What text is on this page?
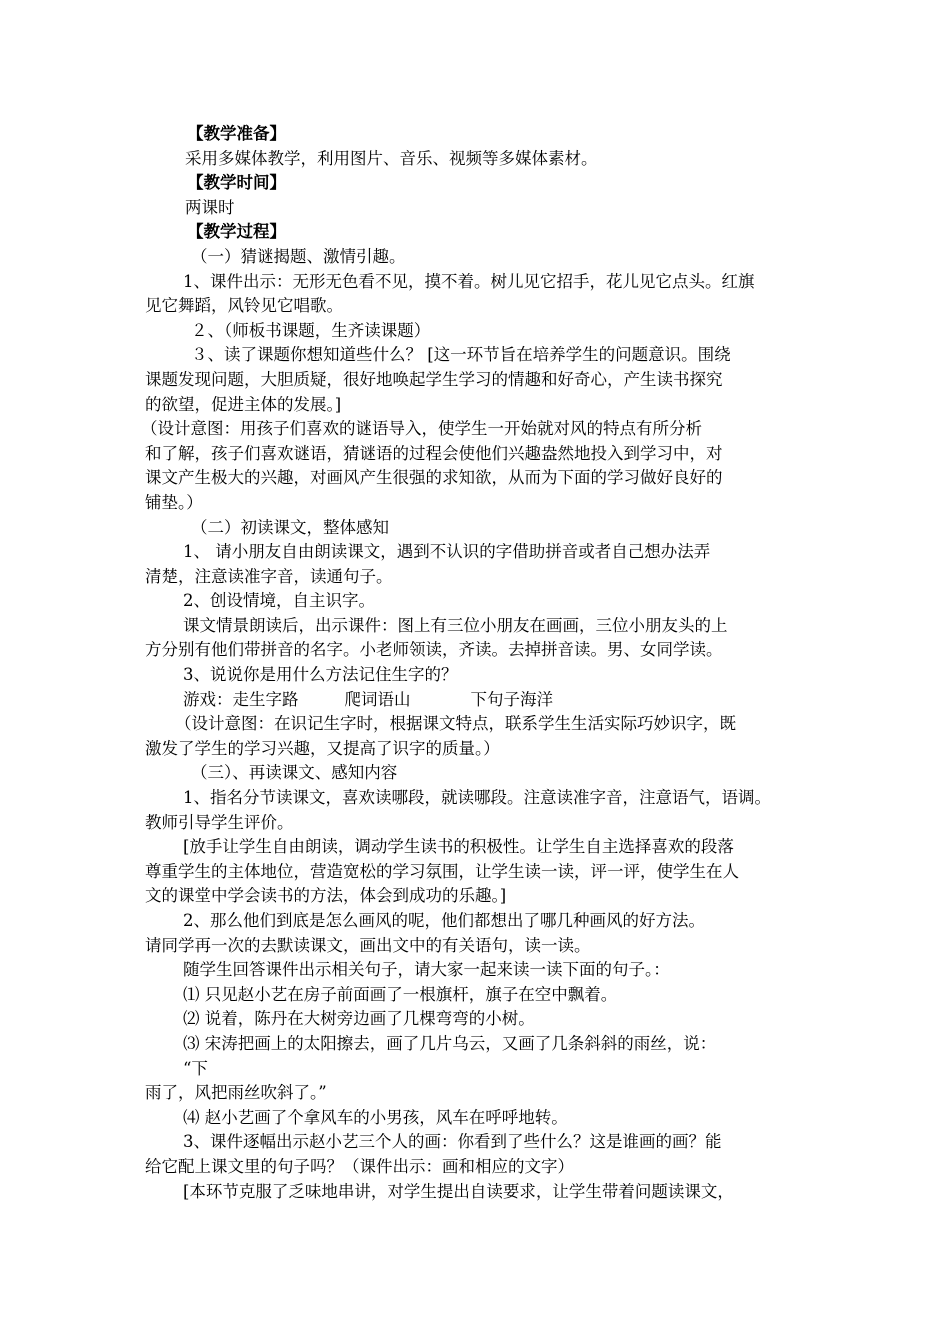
【教学准备】
采用多媒体教学，利用图片、音乐、视频等多媒体素材。
【教学时间】
两课时
【教学过程】
（一）猜谜揭题、激情引趣。
1、课件出示：无形无色看不见，摸不着。树儿见它招手，花儿见它点头。红旗
见它舞蹈，风铃见它唱歌。
２、（师板书课题，生齐读课题）
３、读了课题你想知道些什么？ [这一环节旨在培养学生的问题意识。围绕
课题发现问题，大胆质疑，很好地唤起学生学习的情趣和好奇心，产生读书探究
的欲望，促进主体的发展。]
（设计意图：用孩子们喜欢的谜语导入，使学生一开始就对风的特点有所分析
和了解，孩子们喜欢谜语，猜谜语的过程会使他们兴趣盎然地投入到学习中，对
课文产生极大的兴趣，对画风产生很强的求知欲，从而为下面的学习做好良好的
铺垫。）
（二）初读课文，整体感知
1、 请小朋友自由朗读课文，遇到不认识的字借助拼音或者自己想办法弄
清楚，注意读准字音，读通句子。
2、创设情境，自主识字。
课文情景朗读后，出示课件：图上有三位小朋友在画画，三位小朋友头的上
方分别有他们带拼音的名字。小老师领读，齐读。去掉拼音读。男、女同学读。
3、说说你是用什么方法记住生字的？
游戏：走生字路	爬词语山	下句子海洋
（设计意图：在识记生字时，根据课文特点，联系学生生活实际巧妙识字，既
激发了学生的学习兴趣，又提高了识字的质量。）
（三）、再读课文、感知内容
1、指名分节读课文，喜欢读哪段，就读哪段。注意读准字音，注意语气，语调。
教师引导学生评价。
[放手让学生自由朗读，调动学生读书的积极性。让学生自主选择喜欢的段落
尊重学生的主体地位，营造宽松的学习氛围，让学生读一读，评一评，使学生在人
文的课堂中学会读书的方法，体会到成功的乐趣。]
2、那么他们到底是怎么画风的呢，他们都想出了哪几种画风的好方法。
请同学再一次的去默读课文，画出文中的有关语句，读一读。
随学生回答课件出示相关句子，请大家一起来读一读下面的句子。：
⑴ 只见赵小艺在房子前面画了一根旗杆，旗子在空中飘着。
⑵ 说着，陈丹在大树旁边画了几棵弯弯的小树。
⑶ 宋涛把画上的太阳擦去，画了几片乌云，又画了几条斜斜的雨丝，说：
“下
雨了，风把雨丝吹斜了。”
⑷ 赵小艺画了个拿风车的小男孩，风车在呼呼地转。
3、课件逐幅出示赵小艺三个人的画：你看到了些什么？这是谁画的画？能
给它配上课文里的句子吗？（课件出示：画和相应的文字）
[本环节克服了乏味地串讲，对学生提出自读要求，让学生带着问题读课文，
